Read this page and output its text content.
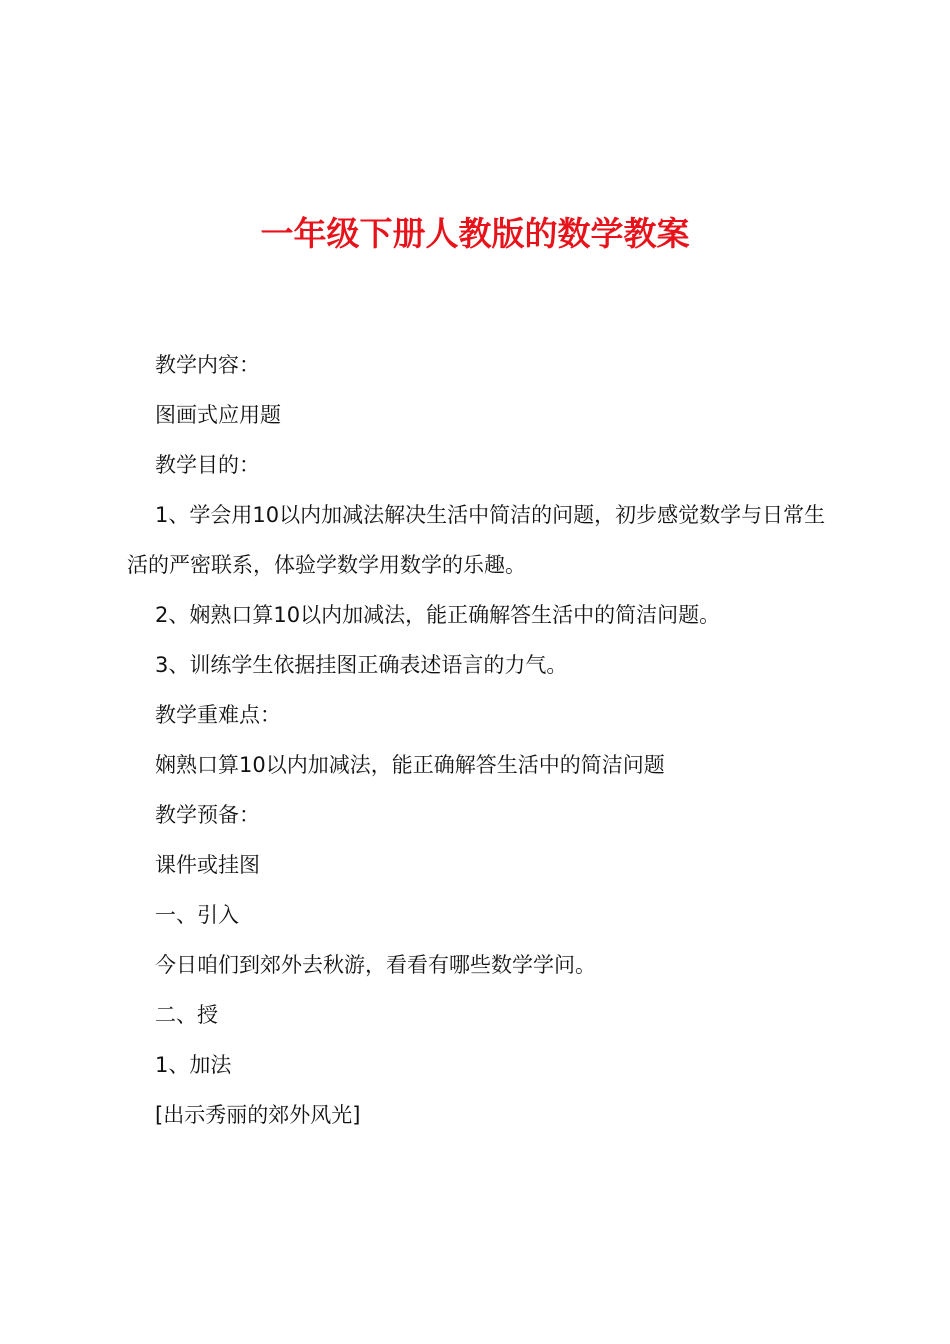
一年级下册人教版的数学教案

教学内容：

图画式应用题

教学目的：

1、学会用10以内加减法解决生活中简洁的问题，初步感觉数学与日常生活的严密联系，体验学数学用数学的乐趣。

2、娴熟口算10以内加减法，能正确解答生活中的简洁问题。

3、训练学生依据挂图正确表述语言的力气。

教学重难点：

娴熟口算10以内加减法，能正确解答生活中的简洁问题

教学预备：

课件或挂图

一、引入

今日咱们到郊外去秋游，看看有哪些数学学问。

二、授

1、加法

[出示秀丽的郊外风光]
